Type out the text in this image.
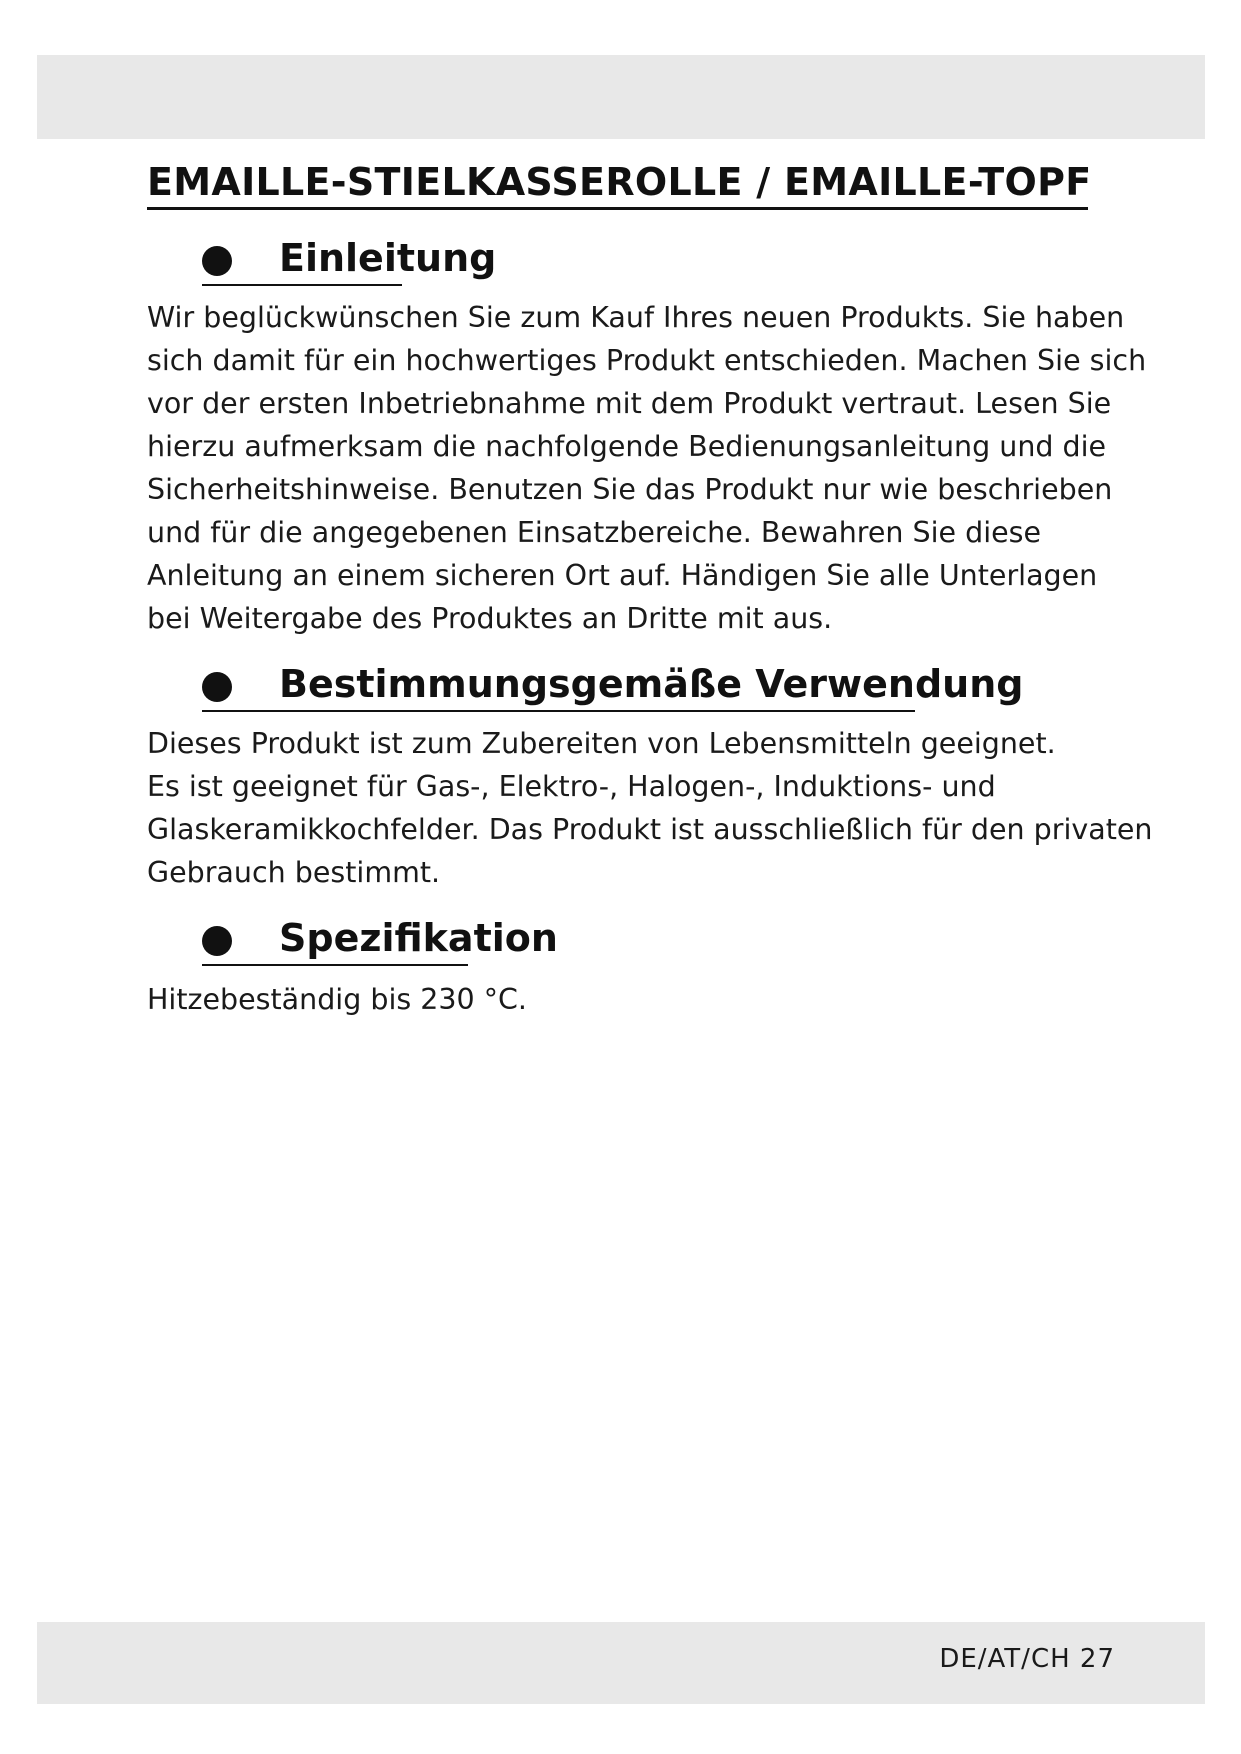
EMAILLE-STIELKASSEROLLE / EMAILLE-TOPF
Einleitung

Wir beglückwünschen Sie zum Kauf Ihres neuen Produkts. Sie haben
sich damit für ein hochwertiges Produkt entschieden. Machen Sie sich
vor der ersten Inbetriebnahme mit dem Produkt vertraut. Lesen Sie
hierzu aufmerksam die nachfolgende Bedienungsanleitung und die
Sicherheitshinweise. Benutzen Sie das Produkt nur wie beschrieben
und für die angegebenen Einsatzbereiche. Bewahren Sie diese
Anleitung an einem sicheren Ort auf. Händigen Sie alle Unterlagen
bei Weitergabe des Produktes an Dritte mit aus.

Bestimmungsgemäße Verwendung

Dieses Produkt ist zum Zubereiten von Lebensmitteln geeignet.
Es ist geeignet für Gas-, Elektro-, Halogen-, Induktions- und
Glaskeramikkochfelder. Das Produkt ist ausschließlich für den privaten
Gebrauch bestimmt.

Spezifikation

Hitzebeständig bis 230 °C.

DE/AT/CH 27
